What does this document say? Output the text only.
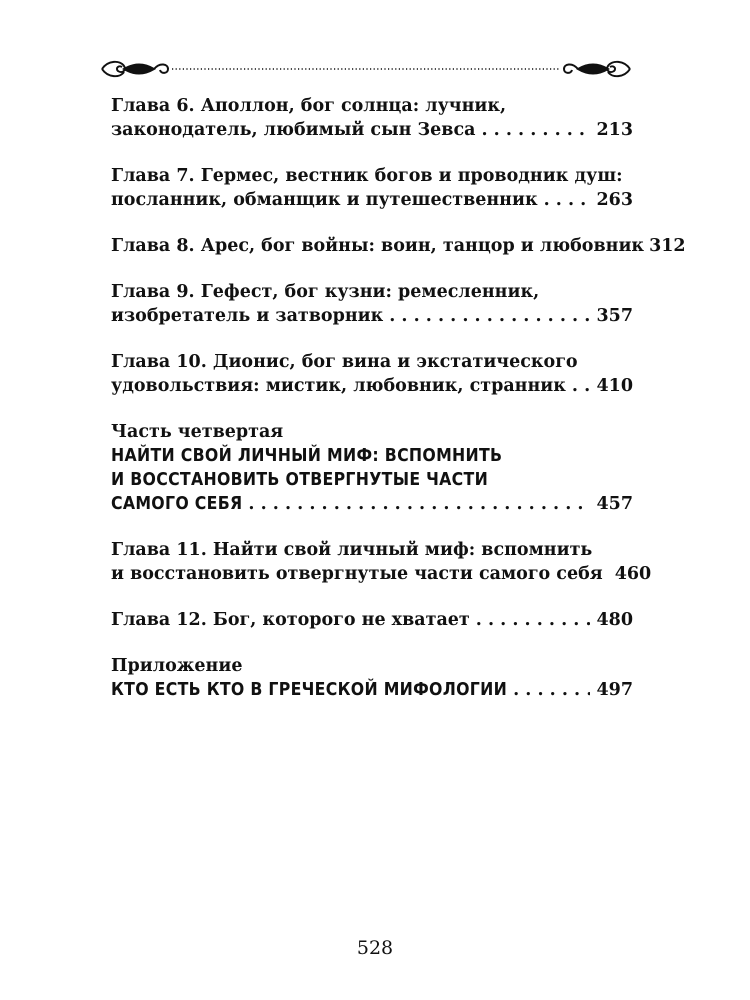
Глава 6. Аполлон, бог солнца: лучник,
законодатель, любимый сын Зевса . . .	213
Глава 7. Гермес, вестник богов и проводник душ:
посланник, обманщик и путешественник . . .	263
Глава 8. Арес, бог войны: воин, танцор и любовник 312
Глава 9. Гефест, бог кузни: ремесленник,
изобретатель и затворник . . .	357
Глава 10. Дионис, бог вина и экстатического
удовольствия: мистик, любовник, странник . . . 410
Часть четвертая
НАЙТИ СВОЙ ЛИЧНЫЙ МИФ: ВСПОМНИТЬ
И ВОССТАНОВИТЬ ОТВЕРГНУТЫЕ ЧАСТИ
САМОГО СЕБЯ . . .	457
Глава 11. Найти свой личный миф: вспомнить
и восстановить отвергнутые части самого себя 460
Глава 12. Бог, которого не хватает . . .	480
Приложение
КТО ЕСТЬ КТО В ГРЕЧЕСКОЙ МИФОЛОГИИ . . .	497
528
